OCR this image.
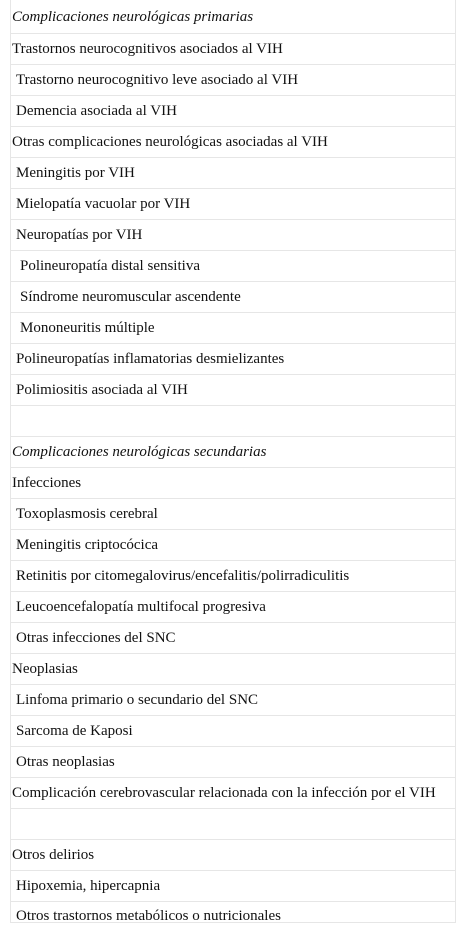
Complicaciones neurológicas primarias
Trastornos neurocognitivos asociados al VIH
Trastorno neurocognitivo leve asociado al VIH
Demencia asociada al VIH
Otras complicaciones neurológicas asociadas al VIH
Meningitis por VIH
Mielopatía vacuolar por VIH
Neuropatías por VIH
Polineuropatía distal sensitiva
Síndrome neuromuscular ascendente
Mononeuritis múltiple
Polineuropatías inflamatorias desmielizantes
Polimiositis asociada al VIH
Complicaciones neurológicas secundarias
Infecciones
Toxoplasmosis cerebral
Meningitis criptocócica
Retinitis por citomegalovirus/encefalitis/polirradiculitis
Leucoencefalopatía multifocal progresiva
Otras infecciones del SNC
Neoplasias
Linfoma primario o secundario del SNC
Sarcoma de Kaposi
Otras neoplasias
Complicación cerebrovascular relacionada con la infección por el VIH
Otros delirios
Hipoxemia, hipercapnia
Otros trastornos metabólicos o nutricionales
